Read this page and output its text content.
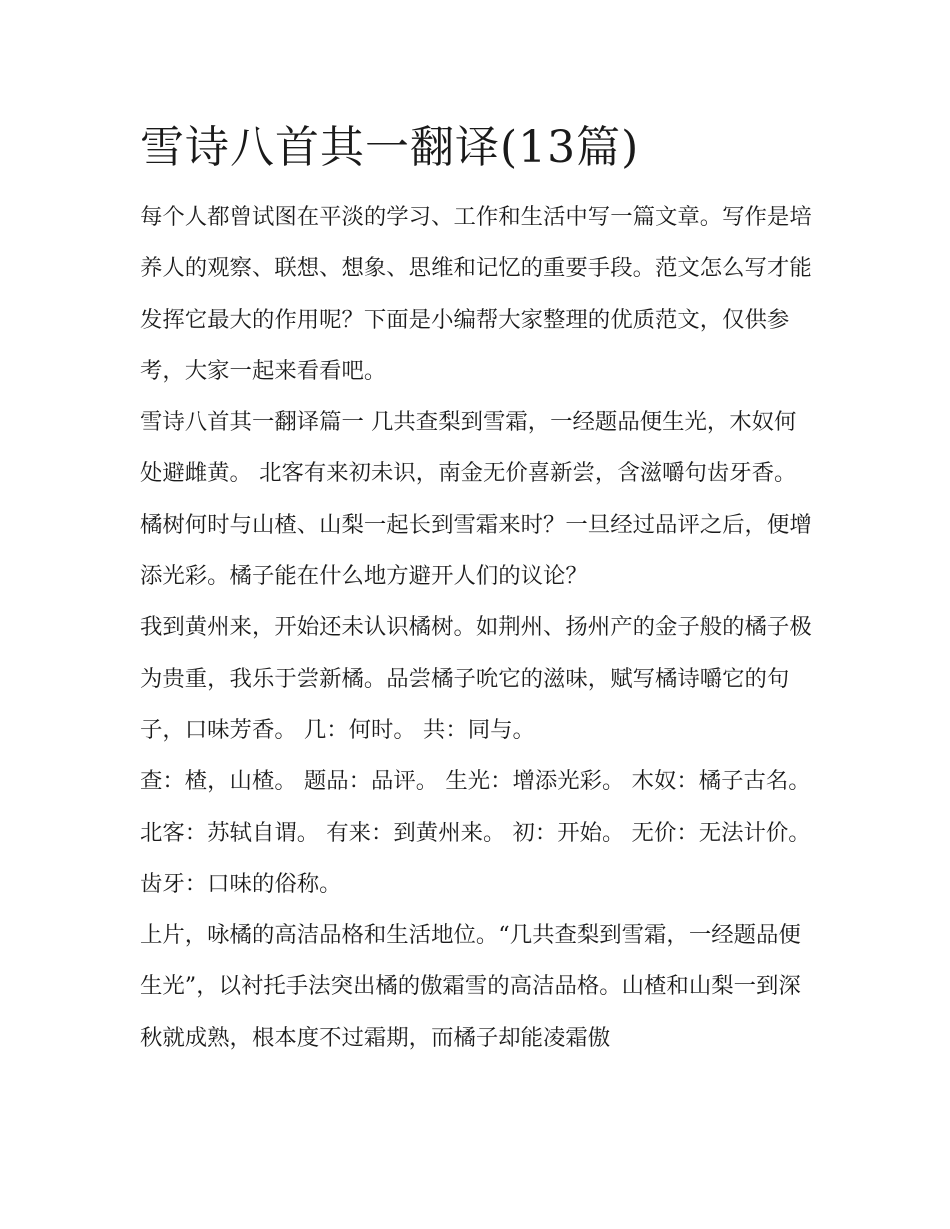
雪诗八首其一翻译(13篇)

每个人都曾试图在平淡的学习、工作和生活中写一篇文章。写作是培养人的观察、联想、想象、思维和记忆的重要手段。范文怎么写才能发挥它最大的作用呢？下面是小编帮大家整理的优质范文，仅供参考，大家一起来看看吧。

雪诗八首其一翻译篇一 几共查梨到雪霜，一经题品便生光，木奴何处避雌黄。 北客有来初未识，南金无价喜新尝，含滋嚼句齿牙香。

橘树何时与山楂、山梨一起长到雪霜来时？一旦经过品评之后，便增添光彩。橘子能在什么地方避开人们的议论？

我到黄州来，开始还未认识橘树。如荆州、扬州产的金子般的橘子极为贵重，我乐于尝新橘。品尝橘子吮它的滋味，赋写橘诗嚼它的句子，口味芳香。 几：何时。 共：同与。

查：楂，山楂。 题品：品评。 生光：增添光彩。 木奴：橘子古名。 北客：苏轼自谓。 有来：到黄州来。 初：开始。 无价：无法计价。 齿牙：口味的俗称。

上片，咏橘的高洁品格和生活地位。“几共查梨到雪霜，一经题品便生光”，以衬托手法突出橘的傲霜雪的高洁品格。山楂和山梨一到深秋就成熟，根本度不过霜期，而橘子却能凌霜傲
